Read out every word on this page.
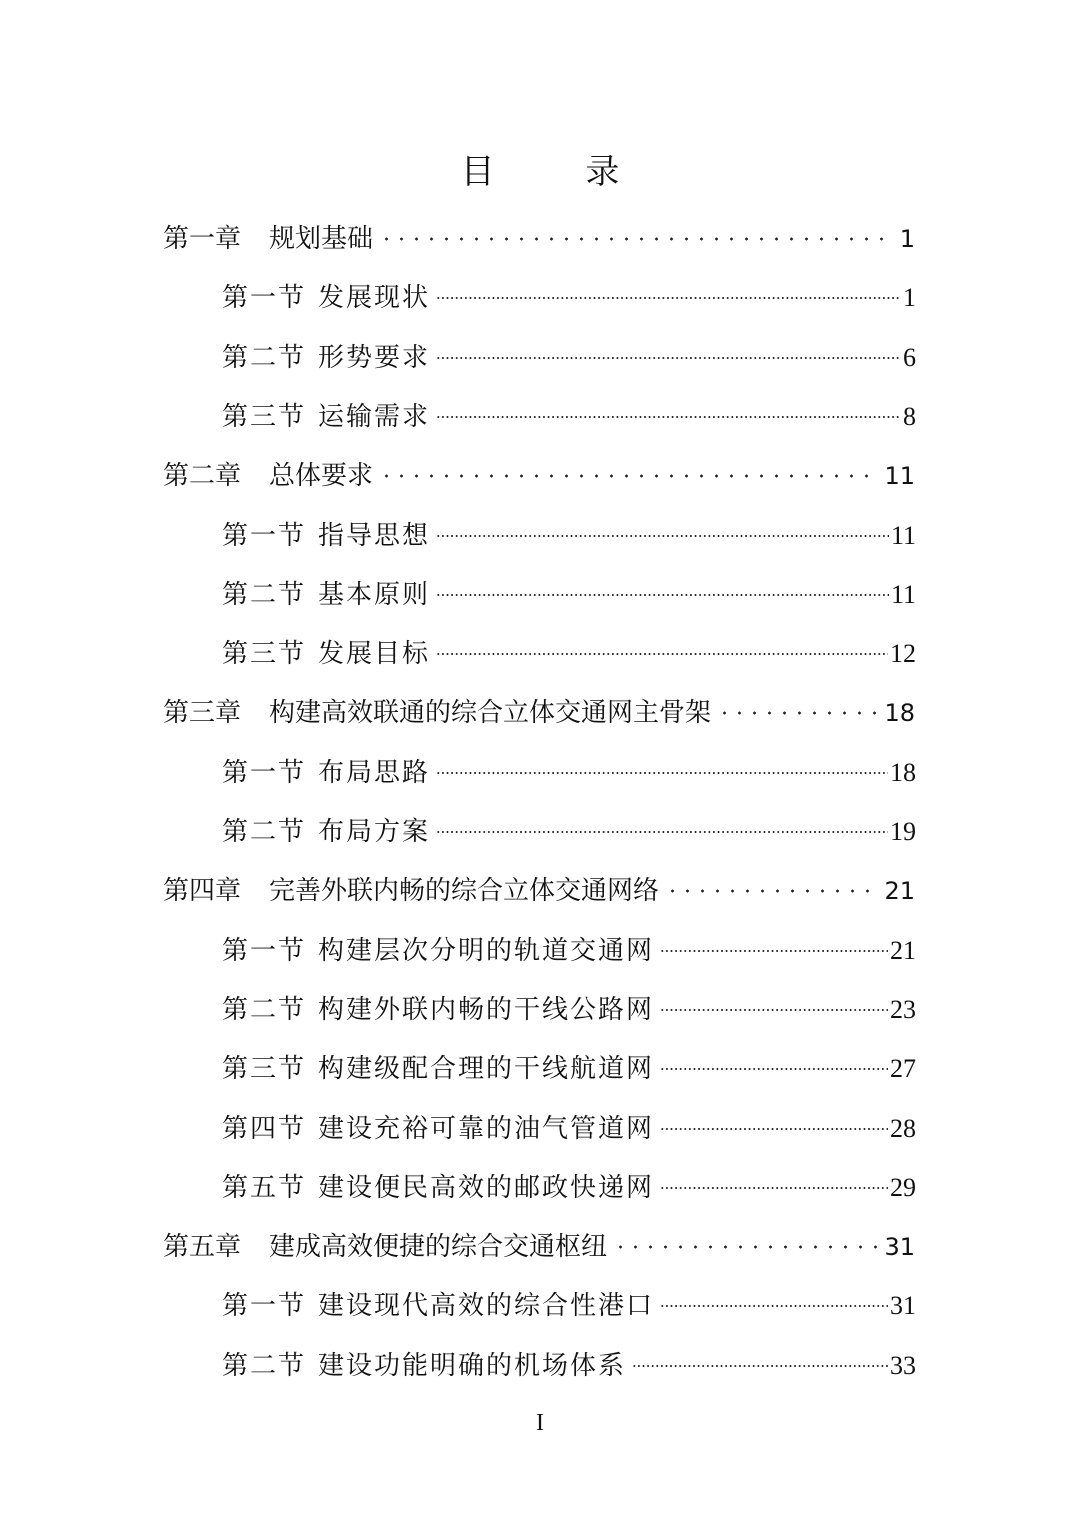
目 录
第一章 规划基础	1
第一节 发展现状	1
第二节 形势要求	6
第三节 运输需求	8
第二章 总体要求	11
第一节 指导思想	11
第二节 基本原则	11
第三节 发展目标	12
第三章 构建高效联通的综合立体交通网主骨架	18
第一节 布局思路	18
第二节 布局方案	19
第四章 完善外联内畅的综合立体交通网络	21
第一节 构建层次分明的轨道交通网	21
第二节 构建外联内畅的干线公路网	23
第三节 构建级配合理的干线航道网	27
第四节 建设充裕可靠的油气管道网	28
第五节 建设便民高效的邮政快递网	29
第五章 建成高效便捷的综合交通枢纽	31
第一节 建设现代高效的综合性港口	31
第二节 建设功能明确的机场体系	33
I
